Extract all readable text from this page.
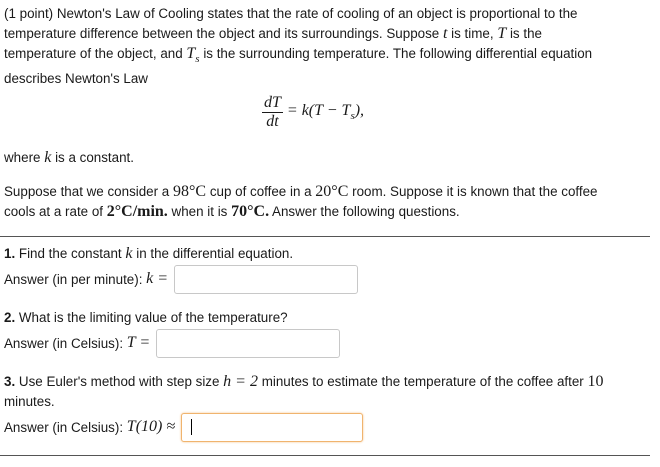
(1 point) Newton's Law of Cooling states that the rate of cooling of an object is proportional to the
temperature difference between the object and its surroundings. Suppose t is time, T is the
temperature of the object, and $T_s$ is the surrounding temperature. The following differential equation
describes Newton's Law
$\frac{dT}{dt} = k(T - T_s)$,
where k is a constant.
Suppose that we consider a 98°C cup of coffee in a 20°C room. Suppose it is known that the coffee
cools at a rate of 2°C/min. when it is 70°C. Answer the following questions.
1. Find the constant k in the differential equation.
Answer (in per minute):
k =
2. What is the limiting value of the temperature?
Answer (in Celsius):
T =
3. Use Euler's method with step size h = 2 minutes to estimate the temperature of the coffee after 10
minutes.
Answer (in Celsius):
T(10) ≈
